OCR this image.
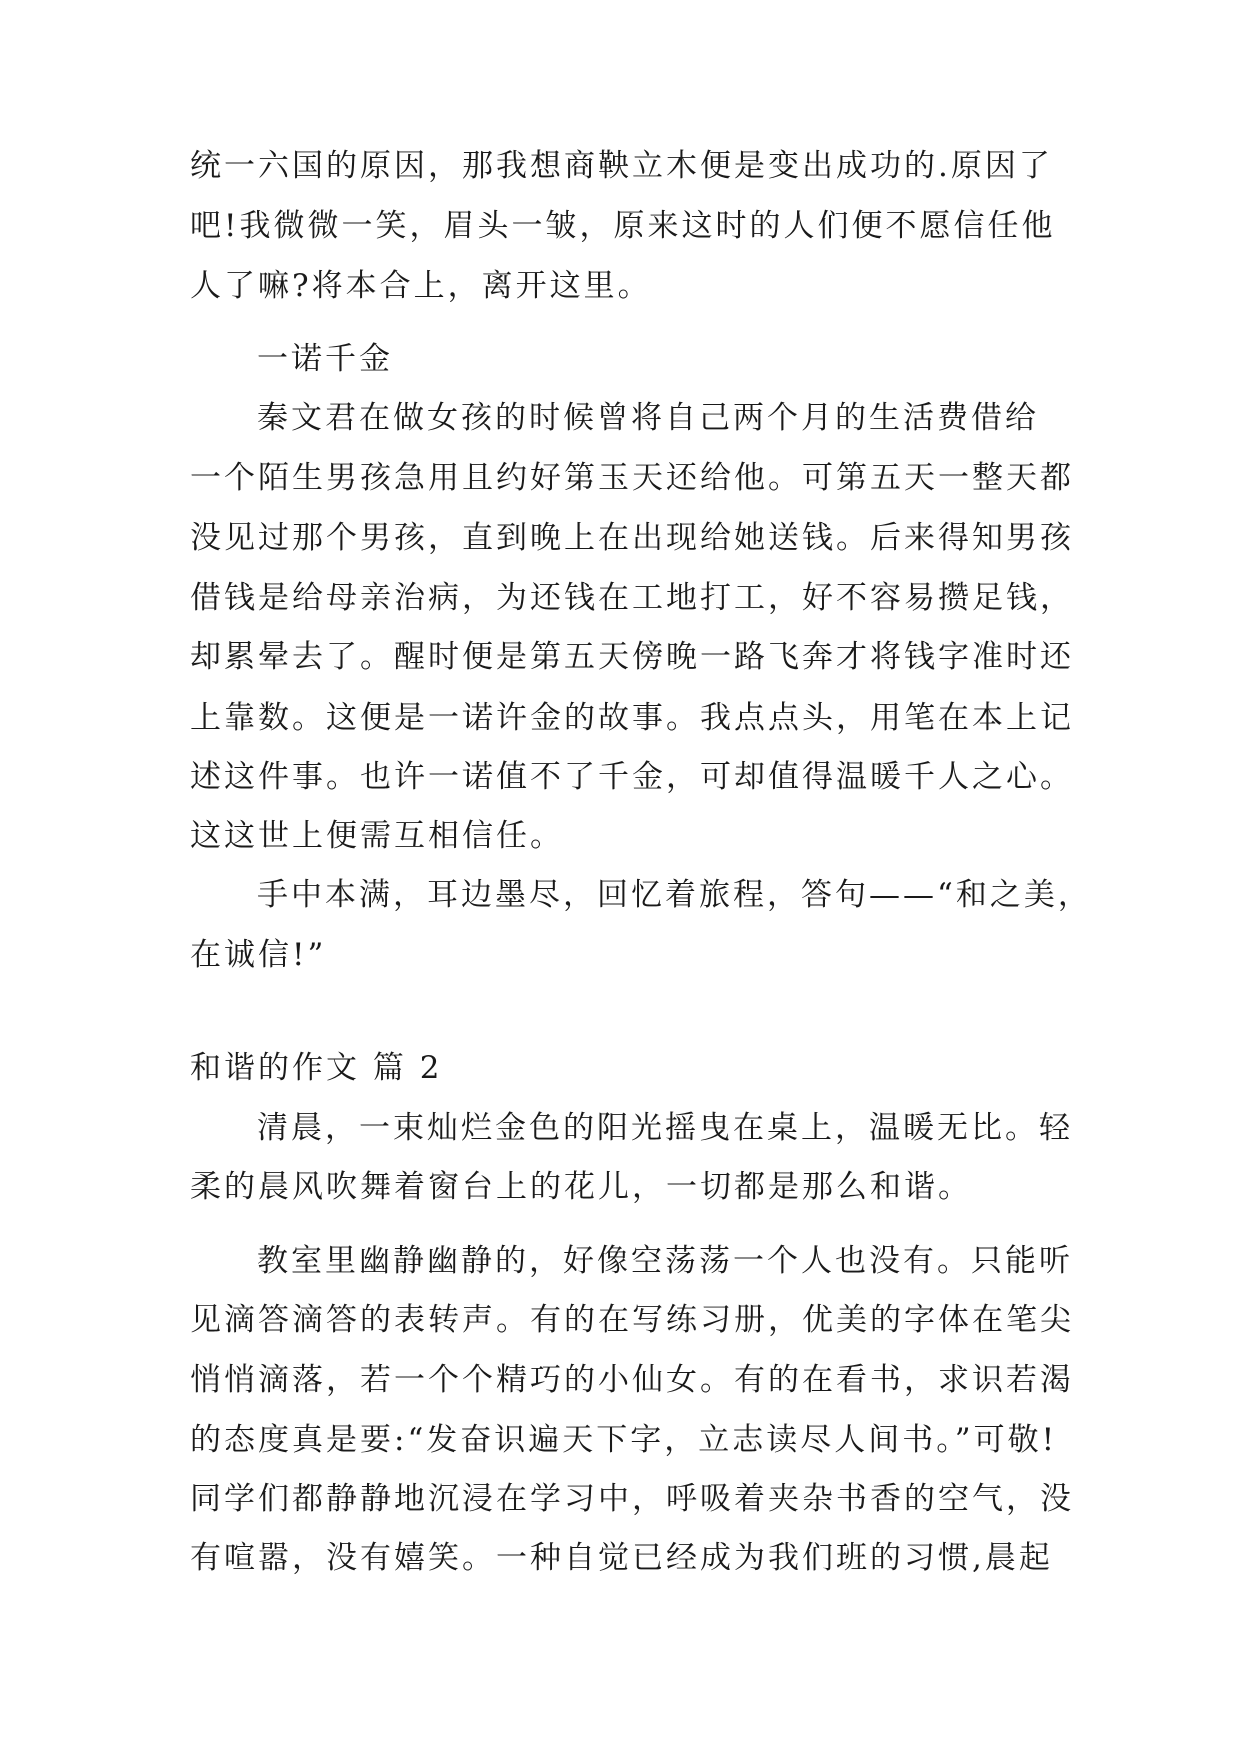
统一六国的原因，那我想商鞅立木便是变出成功的.原因了
吧!我微微一笑，眉头一皱，原来这时的人们便不愿信任他
人了嘛?将本合上，离开这里。
一诺千金
秦文君在做女孩的时候曾将自己两个月的生活费借给
一个陌生男孩急用且约好第玉天还给他。可第五天一整天都
没见过那个男孩，直到晚上在出现给她送钱。后来得知男孩
借钱是给母亲治病，为还钱在工地打工，好不容易攒足钱，
却累晕去了。醒时便是第五天傍晚一路飞奔才将钱字准时还
上靠数。这便是一诺许金的故事。我点点头，用笔在本上记
述这件事。也许一诺值不了千金，可却值得温暖千人之心。
这这世上便需互相信任。
手中本满，耳边墨尽，回忆着旅程，答句——“和之美，
在诚信!”
和谐的作文 篇 2
清晨，一束灿烂金色的阳光摇曳在桌上，温暖无比。轻
柔的晨风吹舞着窗台上的花儿，一切都是那么和谐。
教室里幽静幽静的，好像空荡荡一个人也没有。只能听
见滴答滴答的表转声。有的在写练习册，优美的字体在笔尖
悄悄滴落，若一个个精巧的小仙女。有的在看书，求识若渴
的态度真是要:“发奋识遍天下字，立志读尽人间书。”可敬!
同学们都静静地沉浸在学习中，呼吸着夹杂书香的空气，没
有喧嚣，没有嬉笑。一种自觉已经成为我们班的习惯,晨起
